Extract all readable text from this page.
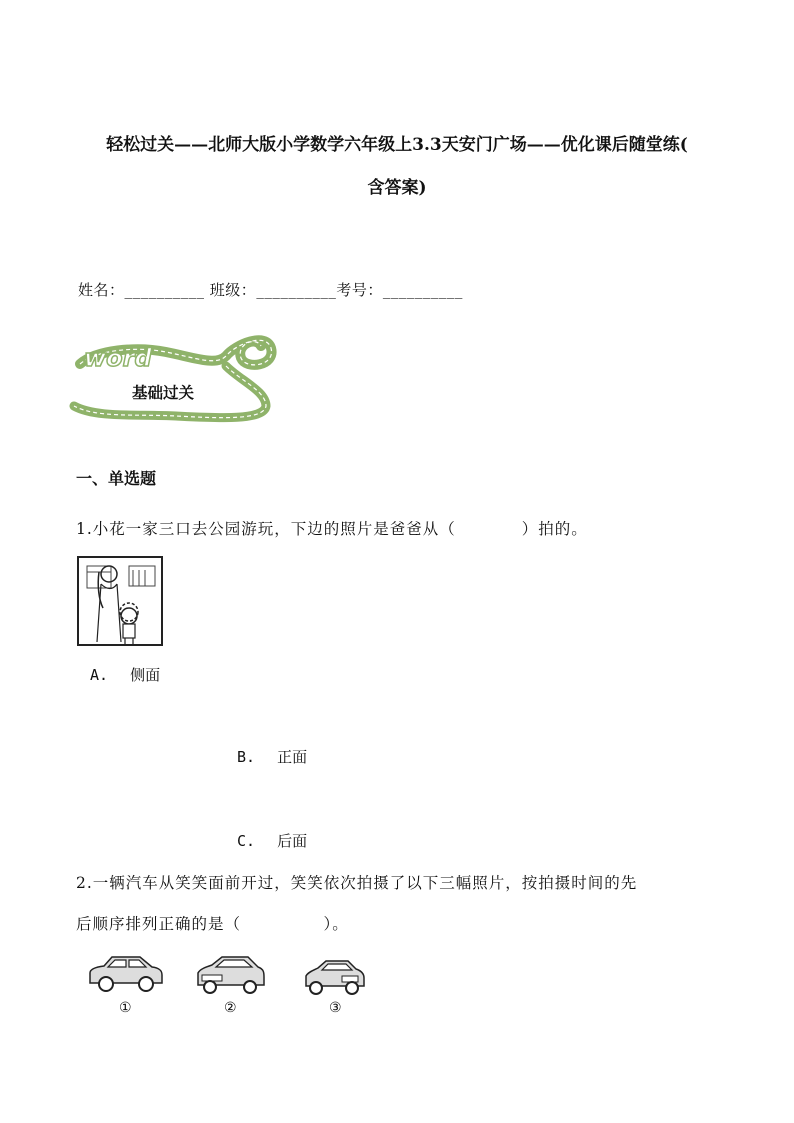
轻松过关——北师大版小学数学六年级上3.3天安门广场——优化课后随堂练(
含答案)
姓名：__________ 班级：__________考号：__________
word
基础过关
一、单选题
1.小花一家三口去公园游玩，下边的照片是爸爸从（　　　　）拍的。
A. 侧面
B. 正面
C. 后面
2.一辆汽车从笑笑面前开过，笑笑依次拍摄了以下三幅照片，按拍摄时间的先
后顺序排列正确的是（　　　　　）。
①	②	③
